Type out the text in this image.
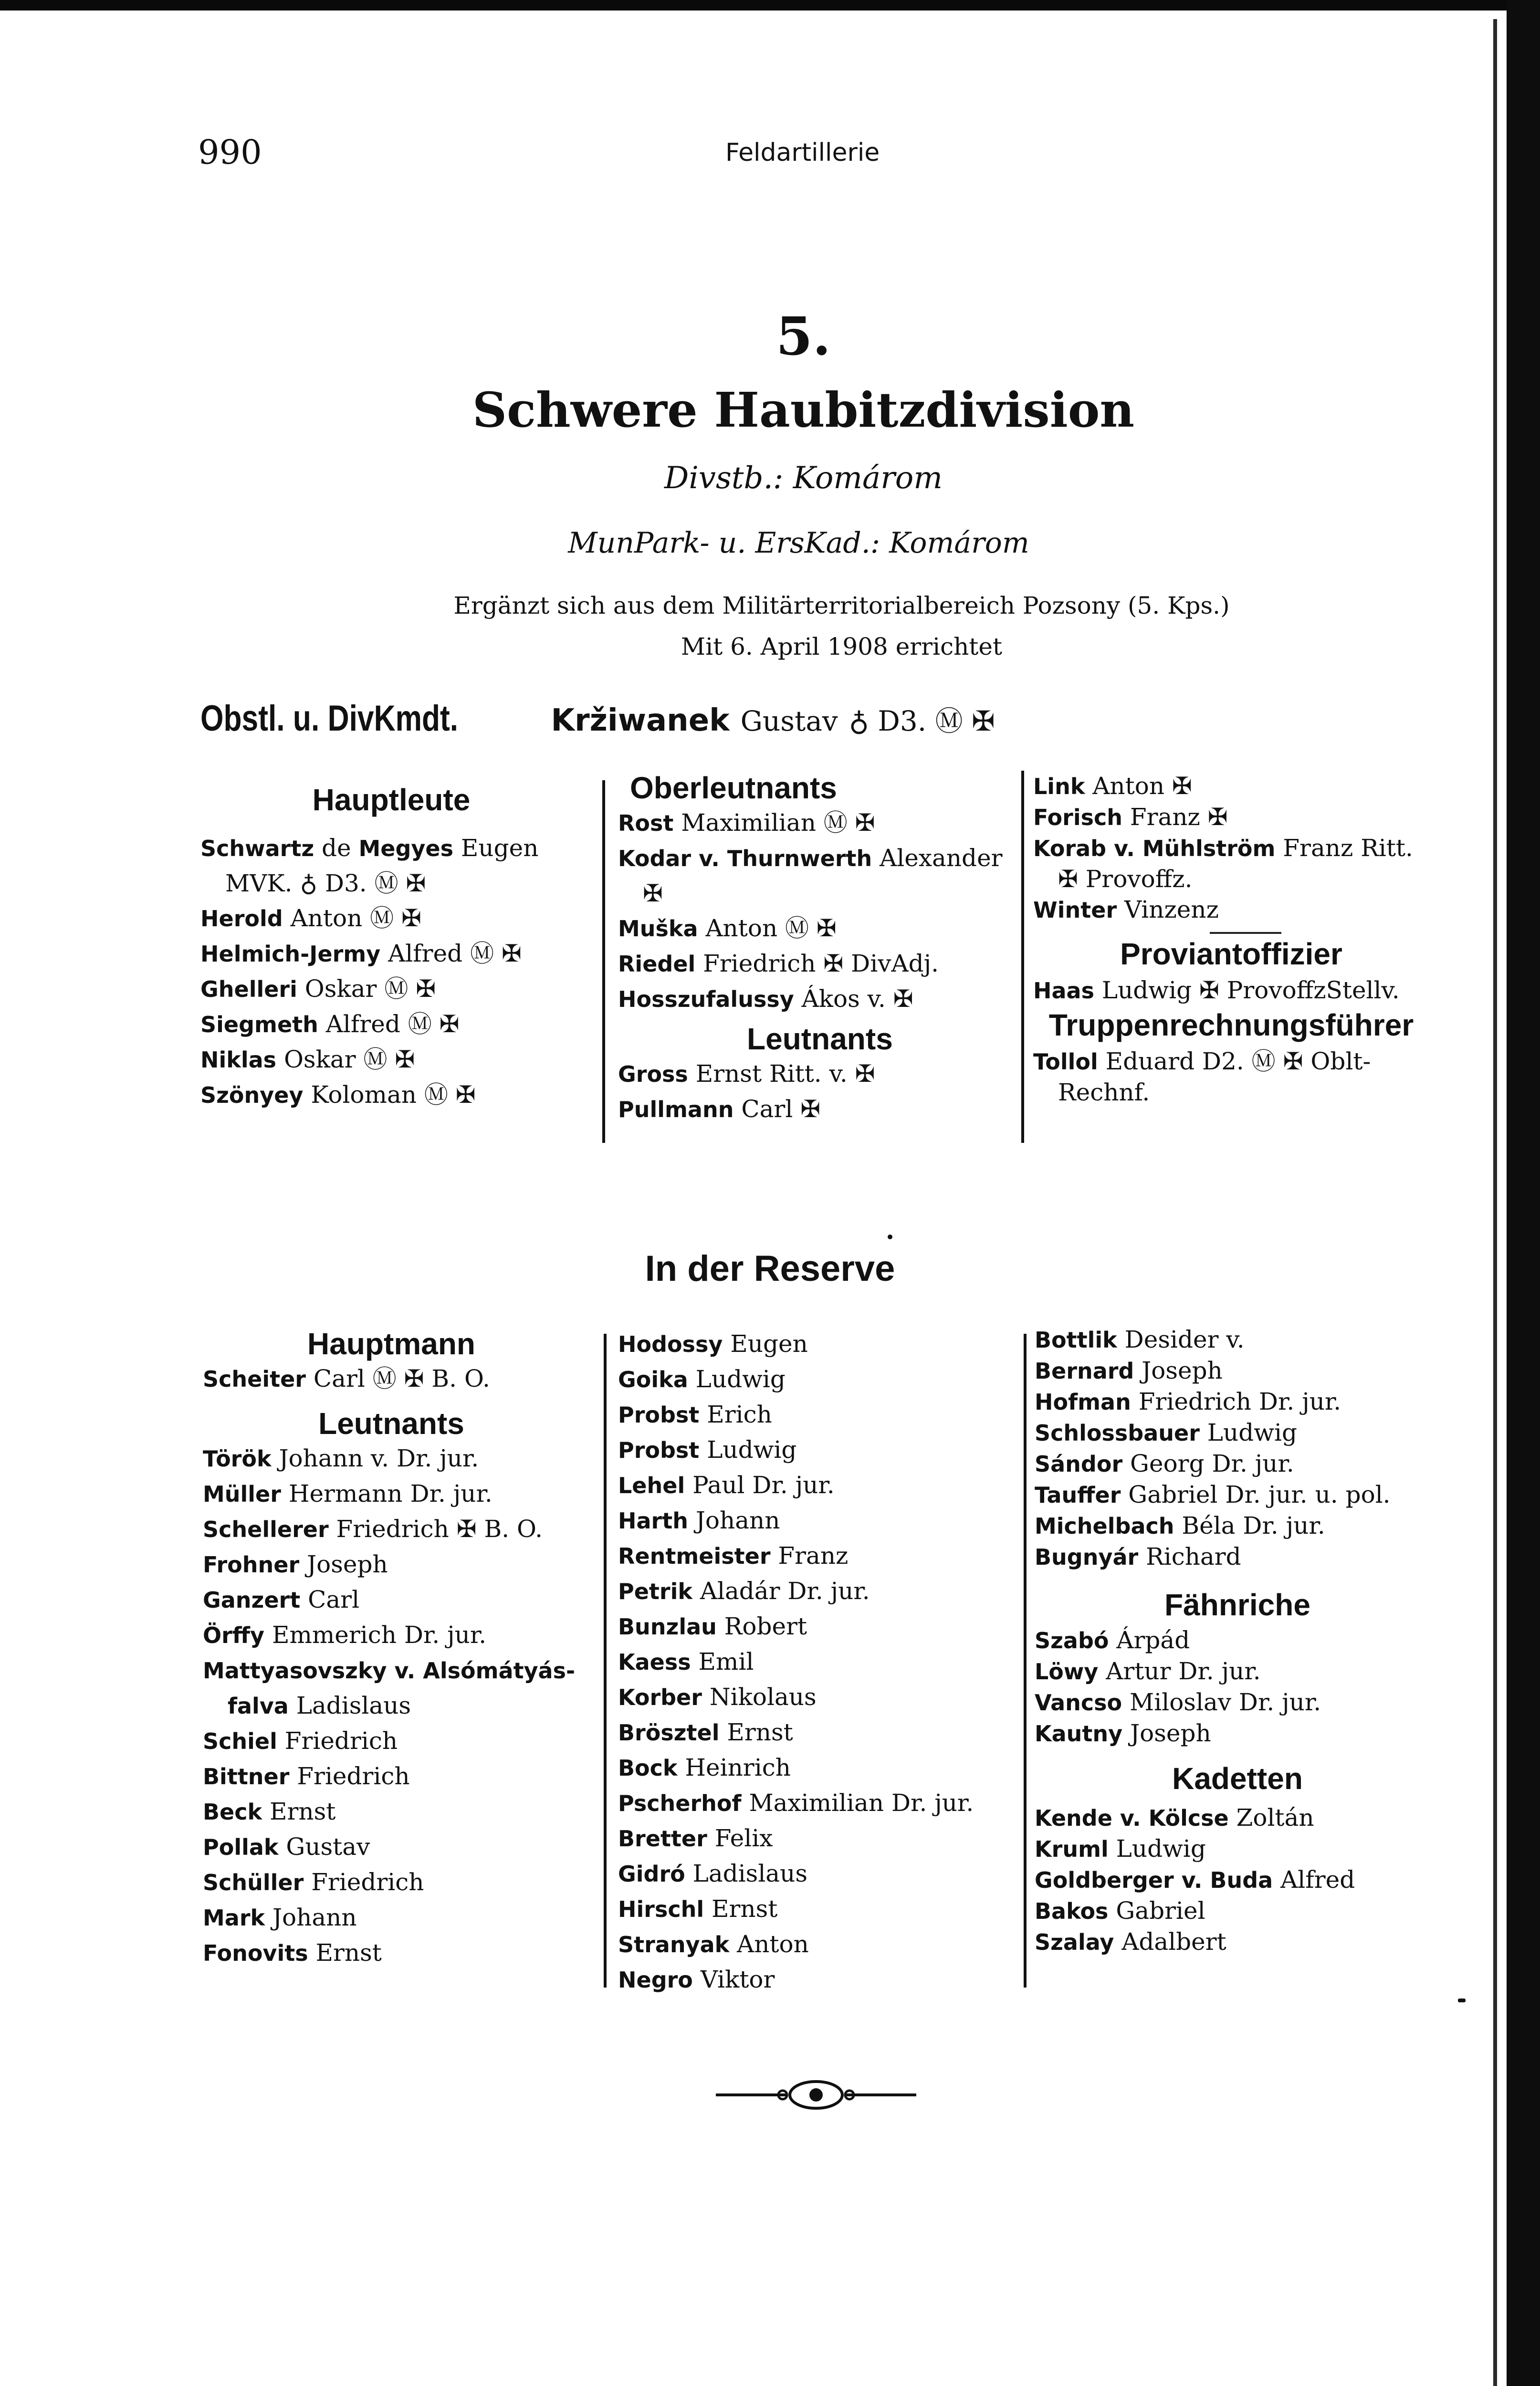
990	Feldartillerie
5.
Schwere Haubitzdivision
Divstb.: Komárom
MunPark- u. ErsKad.: Komárom
Ergänzt sich aus dem Militärterritorialbereich Pozsony (5. Kps.)
Mit 6. April 1908 errichtet
Obstl. u. DivKmdt.	Kržiwanek Gustav ♁ D3. Ⓜ ✠
Hauptleute
Schwartz de Megyes Eugen
MVK. ♁ D3. Ⓜ ✠
Herold Anton Ⓜ ✠
Helmich-Jermy Alfred Ⓜ ✠
Ghelleri Oskar Ⓜ ✠
Siegmeth Alfred Ⓜ ✠
Niklas Oskar Ⓜ ✠
Szönyey Koloman Ⓜ ✠
Oberleutnants
Rost Maximilian Ⓜ ✠
Kodar v. Thurnwerth Alexander
✠
Muška Anton Ⓜ ✠
Riedel Friedrich ✠ DivAdj.
Hosszufalussy Ákos v. ✠
Leutnants
Gross Ernst Ritt. v. ✠
Pullmann Carl ✠
Link Anton ✠
Forisch Franz ✠
Korab v. Mühlström Franz Ritt.
✠ Provoffz.
Winter Vinzenz
Proviantoffizier
Haas Ludwig ✠ ProvoffzStellv.
Truppenrechnungsführer
Tollol Eduard D2. Ⓜ ✠ Oblt-
Rechnf.
In der Reserve
Hauptmann
Scheiter Carl Ⓜ ✠ B. O.
Leutnants
Török Johann v. Dr. jur.
Müller Hermann Dr. jur.
Schellerer Friedrich ✠ B. O.
Frohner Joseph
Ganzert Carl
Örffy Emmerich Dr. jur.
Mattyasovszky v. Alsómátyás-
falva Ladislaus
Schiel Friedrich
Bittner Friedrich
Beck Ernst
Pollak Gustav
Schüller Friedrich
Mark Johann
Fonovits Ernst
Hodossy Eugen
Goika Ludwig
Probst Erich
Probst Ludwig
Lehel Paul Dr. jur.
Harth Johann
Rentmeister Franz
Petrik Aladár Dr. jur.
Bunzlau Robert
Kaess Emil
Korber Nikolaus
Brösztel Ernst
Bock Heinrich
Pscherhof Maximilian Dr. jur.
Bretter Felix
Gidró Ladislaus
Hirschl Ernst
Stranyak Anton
Negro Viktor
Bottlik Desider v.
Bernard Joseph
Hofman Friedrich Dr. jur.
Schlossbauer Ludwig
Sándor Georg Dr. jur.
Tauffer Gabriel Dr. jur. u. pol.
Michelbach Béla Dr. jur.
Bugnyár Richard
Fähnriche
Szabó Árpád
Löwy Artur Dr. jur.
Vancso Miloslav Dr. jur.
Kautny Joseph
Kadetten
Kende v. Kölcse Zoltán
Kruml Ludwig
Goldberger v. Buda Alfred
Bakos Gabriel
Szalay Adalbert
